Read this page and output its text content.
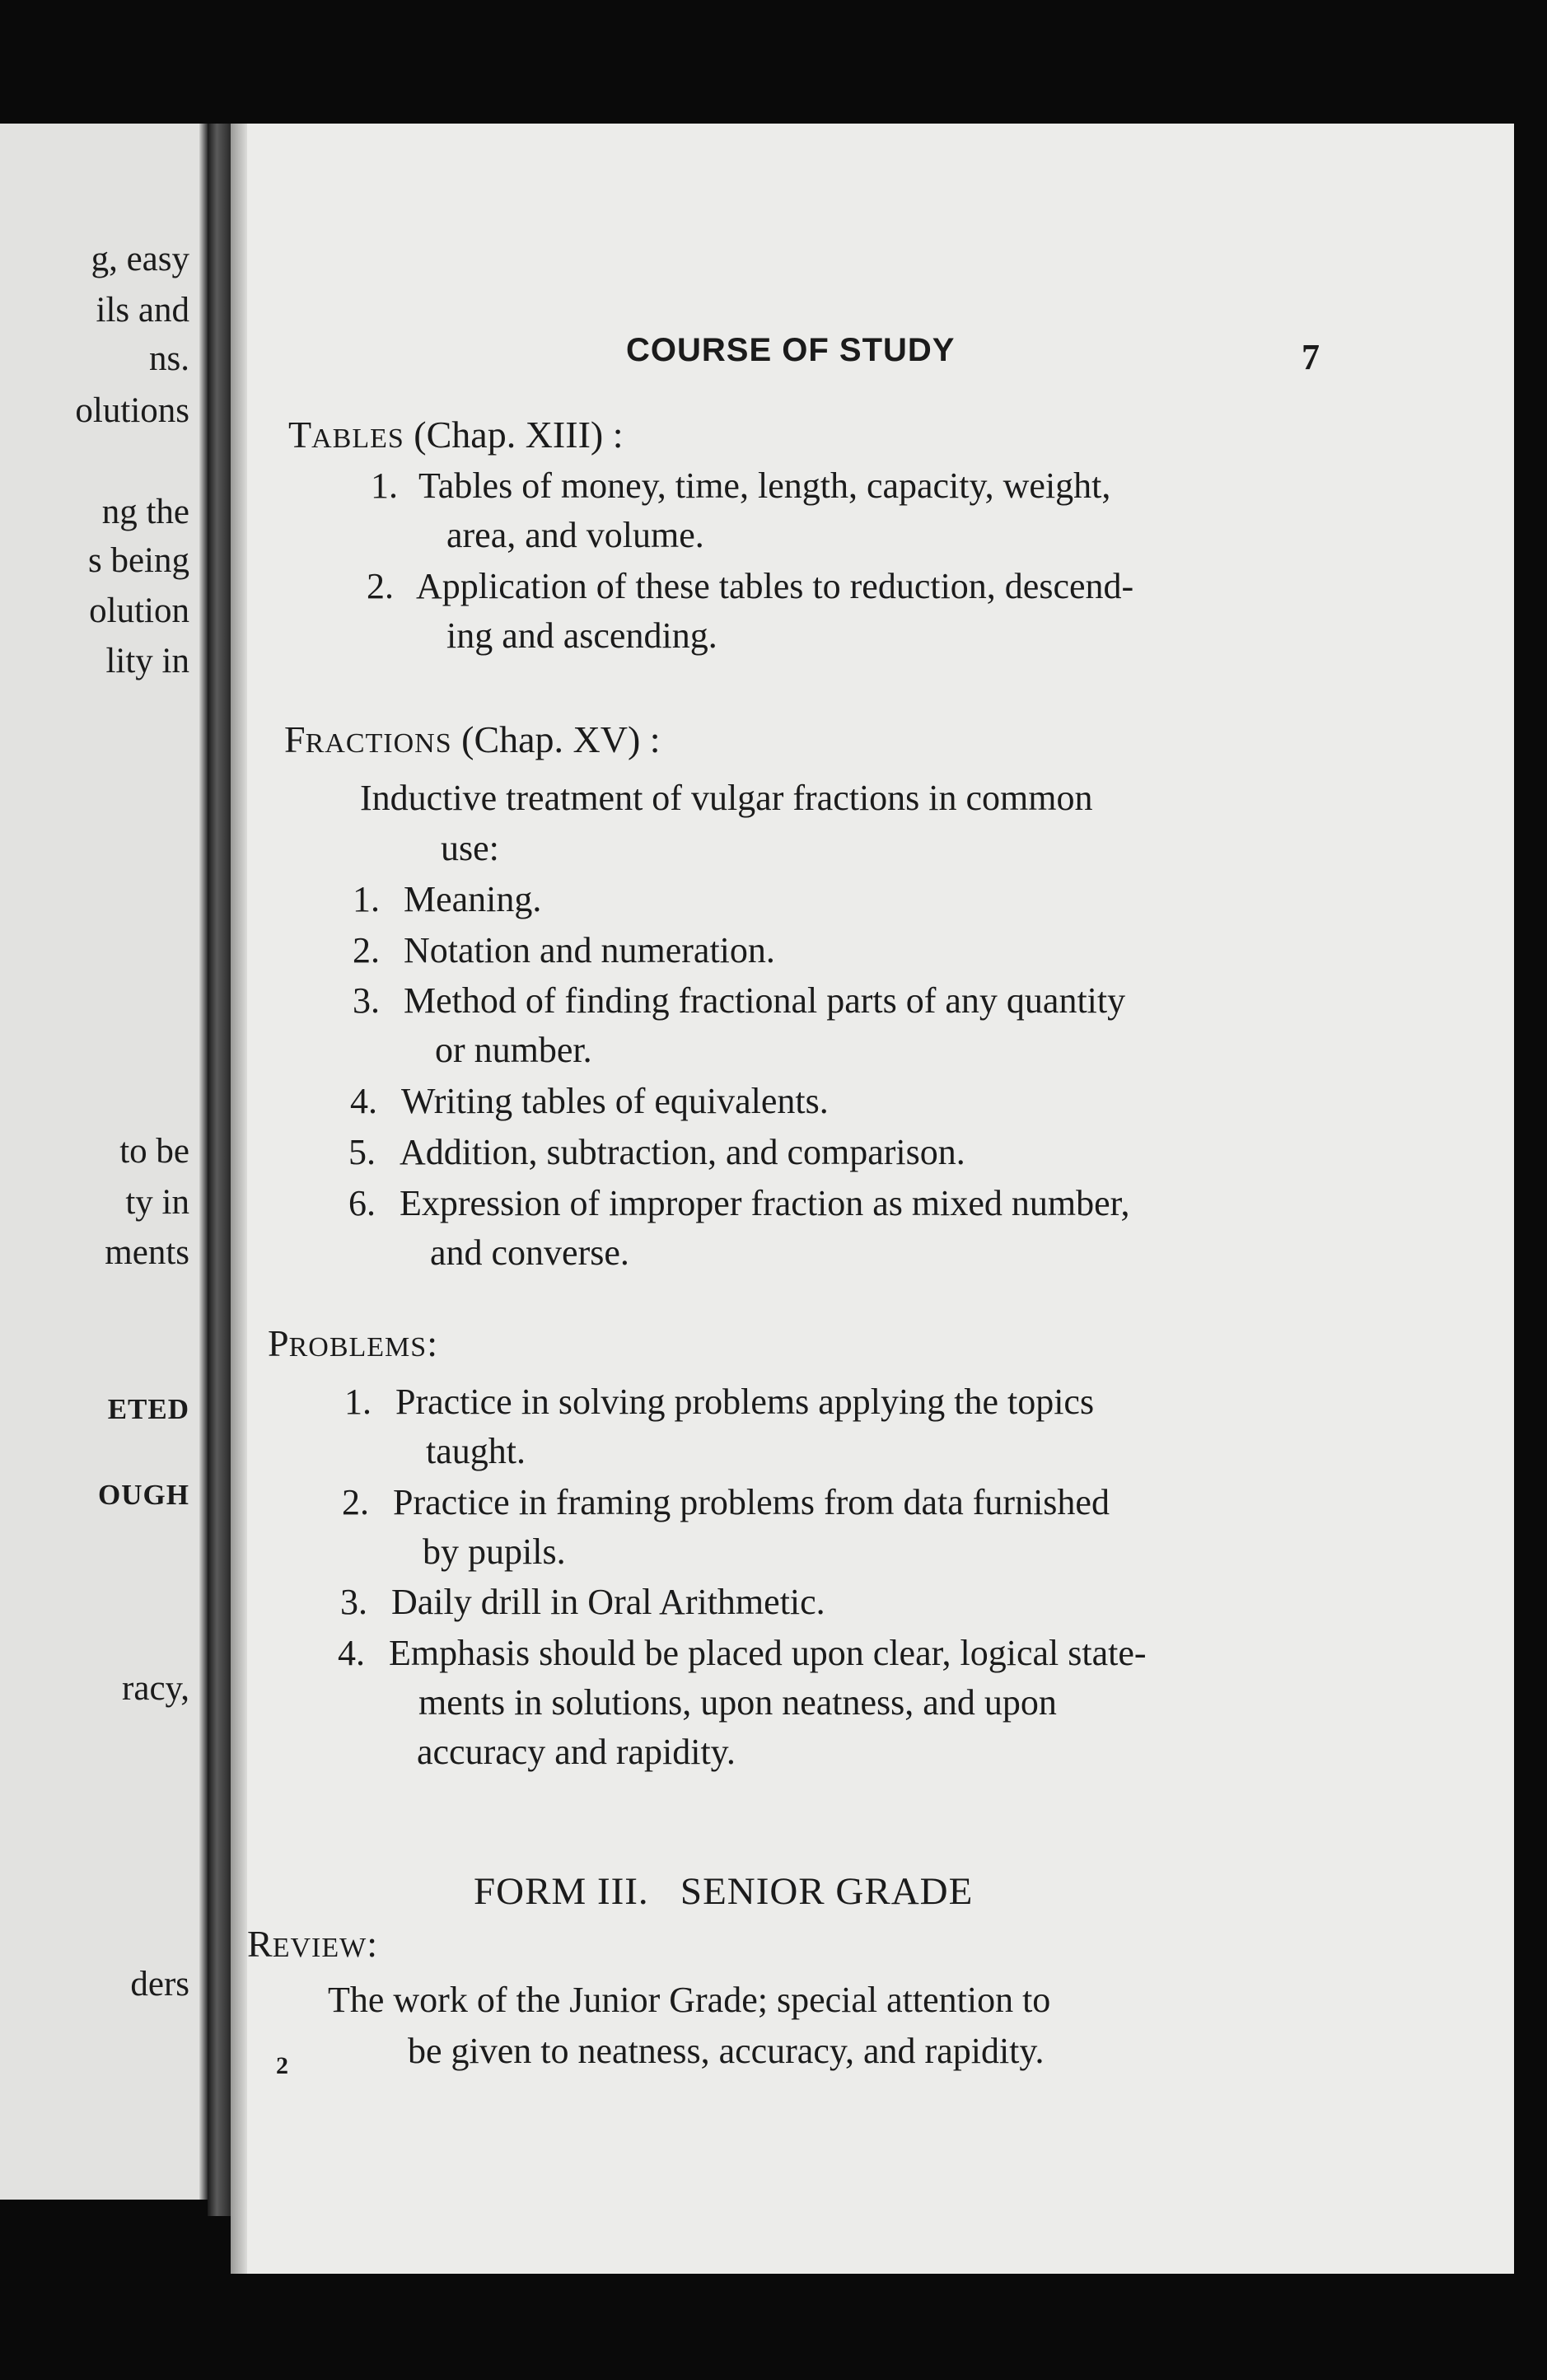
g, easy
ils and
ns.
olutions
ng the
s being
olution
lity in
to be
ty in
ments
ETED
OUGH
racy,
ders
COURSE OF STUDY	7
TABLES (Chap. XIII) :
1. Tables of money, time, length, capacity, weight,
area, and volume.
2. Application of these tables to reduction, descend-
ing and ascending.
FRACTIONS (Chap. XV) :
Inductive treatment of vulgar fractions in common
use:
1. Meaning.
2. Notation and numeration.
3. Method of finding fractional parts of any quantity
or number.
4. Writing tables of equivalents.
5. Addition, subtraction, and comparison.
6. Expression of improper fraction as mixed number,
and converse.
PROBLEMS:
1. Practice in solving problems applying the topics
taught.
2. Practice in framing problems from data furnished
by pupils.
3. Daily drill in Oral Arithmetic.
4. Emphasis should be placed upon clear, logical state-
ments in solutions, upon neatness, and upon
accuracy and rapidity.
FORM III.   SENIOR GRADE
REVIEW:
The work of the Junior Grade; special attention to
be given to neatness, accuracy, and rapidity.
2
